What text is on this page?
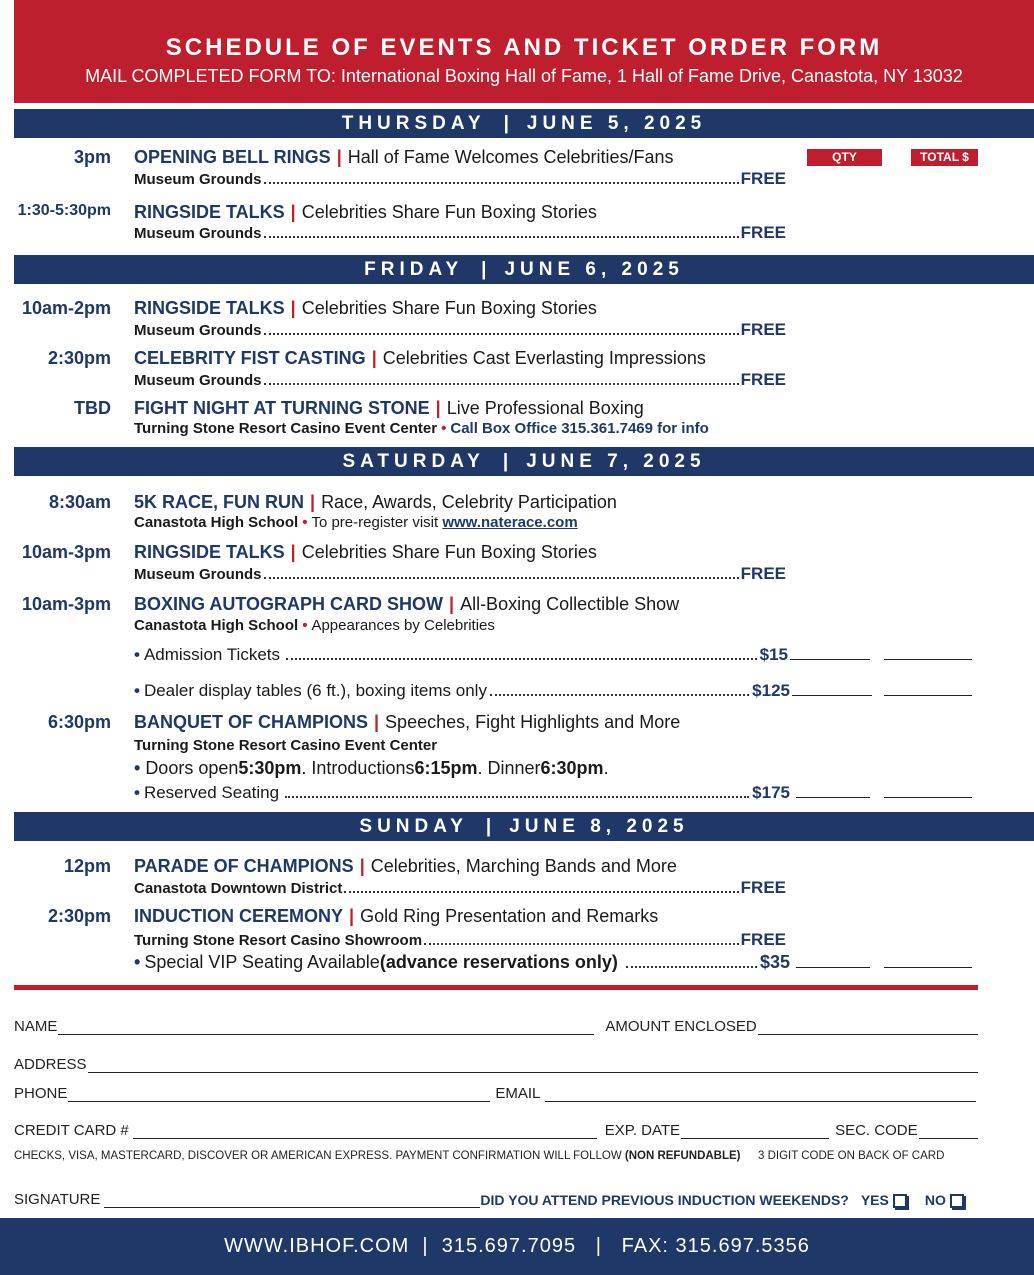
SCHEDULE OF EVENTS AND TICKET ORDER FORM
MAIL COMPLETED FORM TO: International Boxing Hall of Fame, 1 Hall of Fame Drive, Canastota, NY 13032
THURSDAY | JUNE 5, 2025
QTY	TOTAL $
3pm OPENING BELL RINGS | Hall of Fame Welcomes Celebrities/Fans
Museum Grounds	FREE
1:30-5:30pm RINGSIDE TALKS | Celebrities Share Fun Boxing Stories
Museum Grounds	FREE
FRIDAY | JUNE 6, 2025
10am-2pm RINGSIDE TALKS | Celebrities Share Fun Boxing Stories
Museum Grounds	FREE
2:30pm CELEBRITY FIST CASTING | Celebrities Cast Everlasting Impressions
Museum Grounds	FREE
TBD FIGHT NIGHT AT TURNING STONE | Live Professional Boxing
Turning Stone Resort Casino Event Center • Call Box Office 315.361.7469 for info
SATURDAY | JUNE 7, 2025
8:30am 5K RACE, FUN RUN | Race, Awards, Celebrity Participation
Canastota High School • To pre-register visit
www.naterace.com
10am-3pm RINGSIDE TALKS | Celebrities Share Fun Boxing Stories
Museum Grounds	FREE
10am-3pm BOXING AUTOGRAPH CARD SHOW | All-Boxing Collectible Show
Canastota High School • Appearances by Celebrities
• Admission Tickets	$15
• Dealer display tables (6 ft.), boxing items only	$125
6:30pm BANQUET OF CHAMPIONS | Speeches, Fight Highlights and More
Turning Stone Resort Casino Event Center
• Doors open 5:30pm . Introductions 6:15pm . Dinner 6:30pm .
• Reserved Seating	$175
SUNDAY | JUNE 8, 2025
12pm PARADE OF CHAMPIONS | Celebrities, Marching Bands and More
Canastota Downtown District	FREE
2:30pm INDUCTION CEREMONY | Gold Ring Presentation and Remarks
Turning Stone Resort Casino Showroom	FREE
• Special VIP Seating Available (advance reservations only)	$35
NAME	AMOUNT ENCLOSED
ADDRESS
PHONE	EMAIL
CREDIT CARD #	EXP. DATE	SEC. CODE
CHECKS, VISA, MASTERCARD, DISCOVER OR AMERICAN EXPRESS. PAYMENT CONFIRMATION WILL FOLLOW (NON REFUNDABLE) 3 DIGIT CODE ON BACK OF CARD
SIGNATURE	DID YOU ATTEND PREVIOUS INDUCTION WEEKENDS? YES	NO
WWW.IBHOF.COM  |  315.697.7095   |   FAX: 315.697.5356
